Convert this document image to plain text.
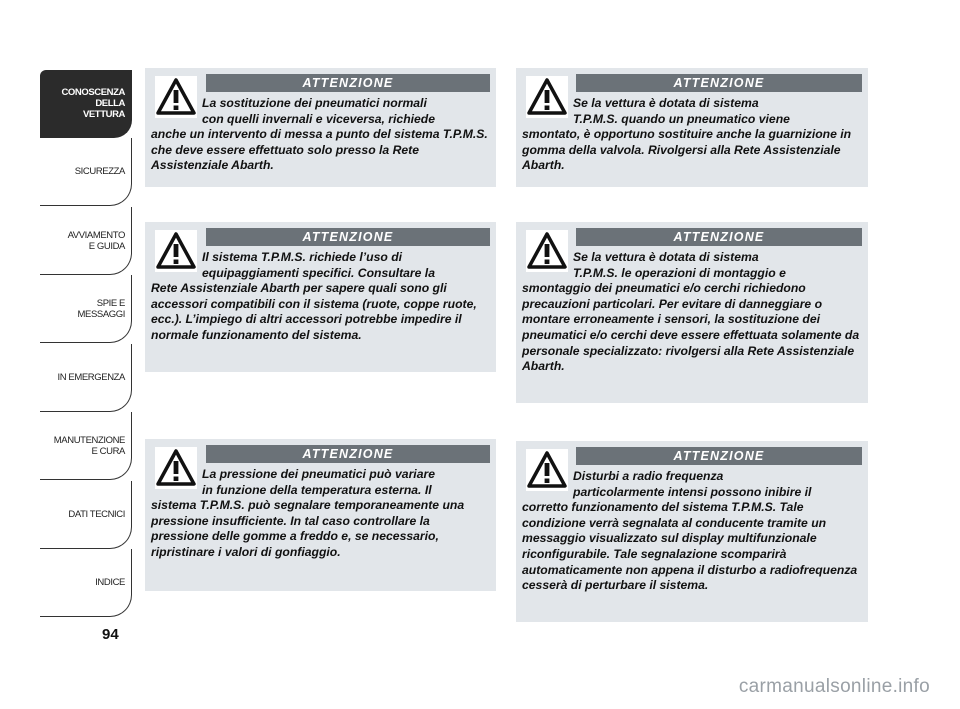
CONOSCENZA
DELLA
VETTURA
SICUREZZA
AVVIAMENTO
E GUIDA
SPIE E
MESSAGGI
IN EMERGENZA
MANUTENZIONE
E CURA
DATI TECNICI
INDICE
94
ATTENZIONE

La sostituzione dei pneumatici normali
con quelli invernali e viceversa, richiede
anche un intervento di messa a punto del sistema T.P.M.S. che deve essere effettuato solo presso la Rete Assistenziale Abarth.

ATTENZIONE

Se la vettura è dotata di sistema
T.P.M.S. quando un pneumatico viene
smontato, è opportuno sostituire anche la guarnizione in gomma della valvola. Rivolgersi alla Rete Assistenziale Abarth.

ATTENZIONE

Il sistema T.P.M.S. richiede l’uso di
equipaggiamenti specifici. Consultare la
Rete Assistenziale Abarth per sapere quali sono gli accessori compatibili con il sistema (ruote, coppe ruote, ecc.). L’impiego di altri accessori potrebbe impedire il normale funzionamento del sistema.

ATTENZIONE

Se la vettura è dotata di sistema
T.P.M.S. le operazioni di montaggio e
smontaggio dei pneumatici e/o cerchi richiedono precauzioni particolari. Per evitare di danneggiare o montare erroneamente i sensori, la sostituzione dei pneumatici e/o cerchi deve essere effettuata solamente da personale specializzato: rivolgersi alla Rete Assistenziale Abarth.

ATTENZIONE

La pressione dei pneumatici può variare
in funzione della temperatura esterna. Il
sistema T.P.M.S. può segnalare temporaneamente una pressione insufficiente. In tal caso controllare la pressione delle gomme a freddo e, se necessario, ripristinare i valori di gonfiaggio.

ATTENZIONE

Disturbi a radio frequenza
particolarmente intensi possono inibire il
corretto funzionamento del sistema T.P.M.S. Tale condizione verrà segnalata al conducente tramite un messaggio visualizzato sul display multifunzionale riconfigurabile. Tale segnalazione scomparirà automaticamente non appena il disturbo a radiofrequenza cesserà di perturbare il sistema.

carmanualsonline.info
